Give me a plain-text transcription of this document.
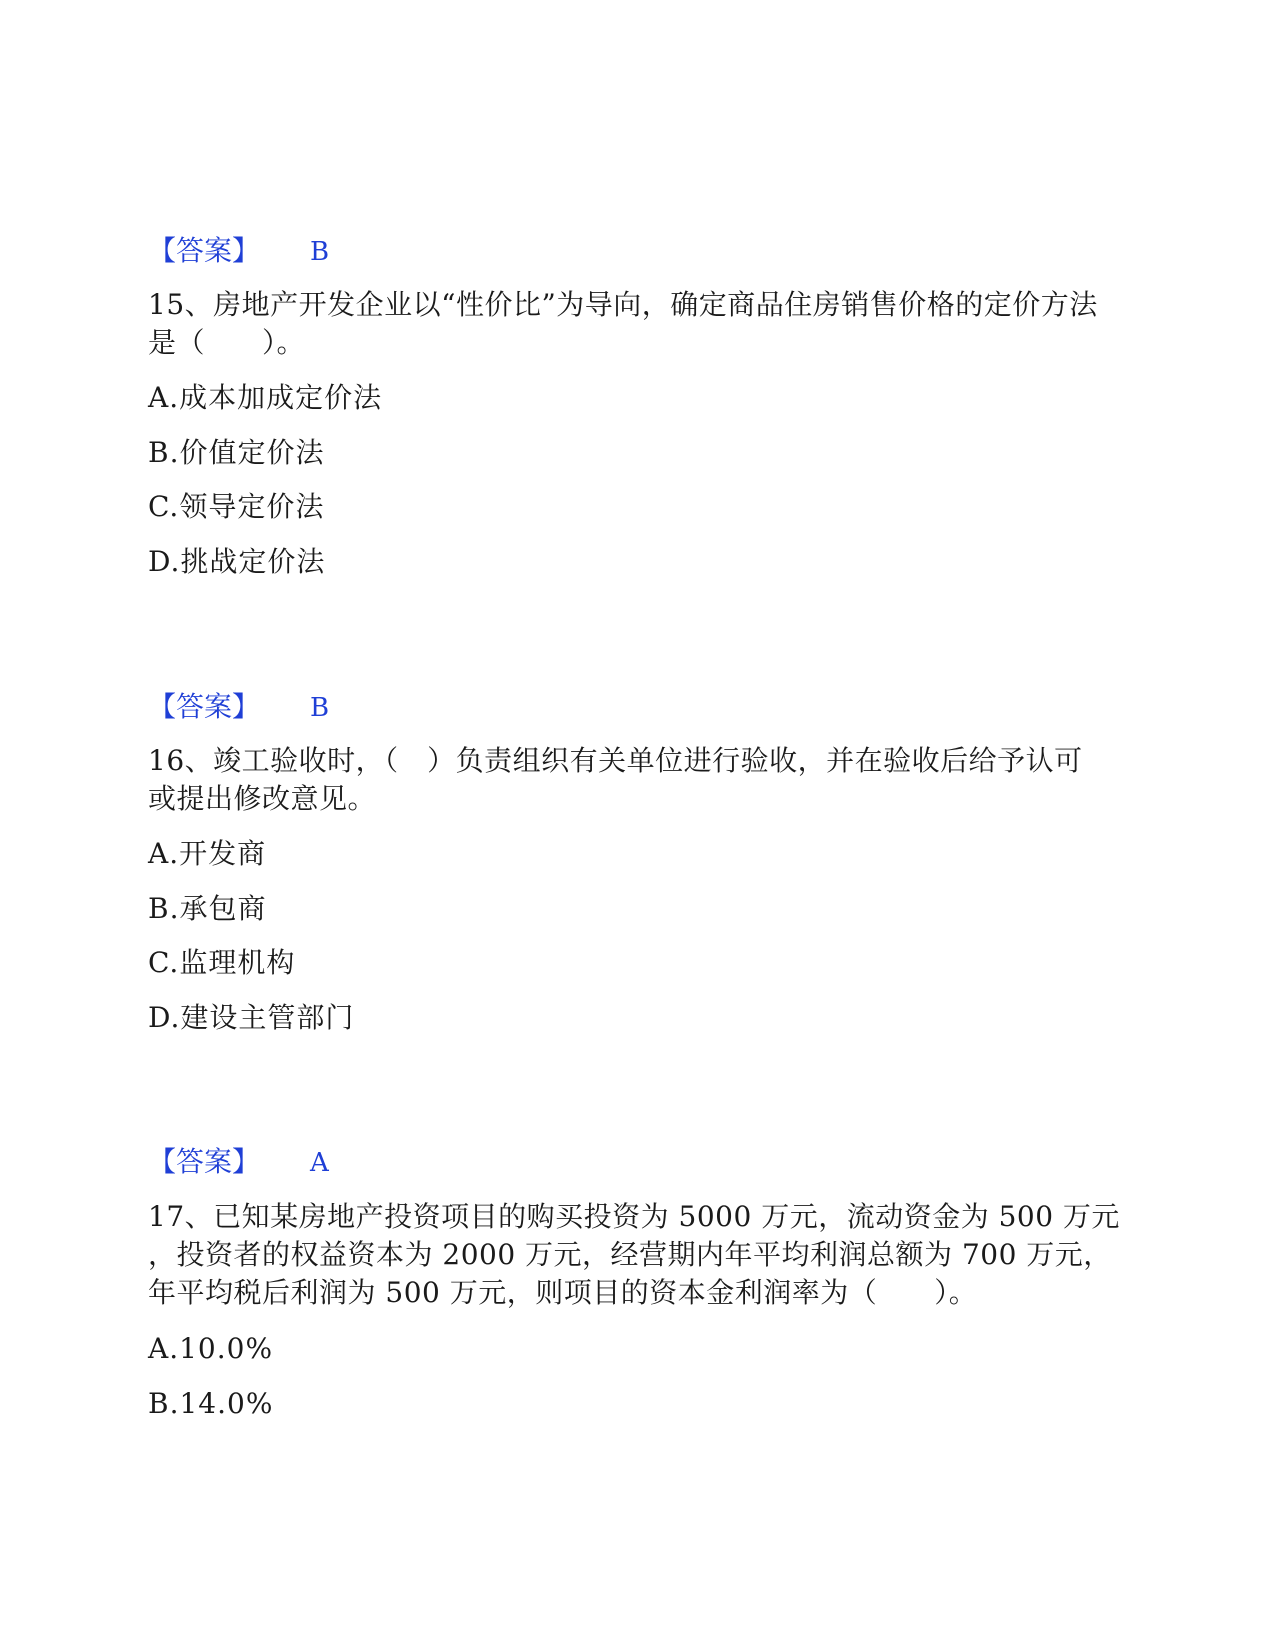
【答案】 B
15、房地产开发企业以“性价比”为导向，确定商品住房销售价格的定价方法
是（　　）。
A.成本加成定价法
B.价值定价法
C.领导定价法
D.挑战定价法
【答案】 B
16、竣工验收时，（　）负责组织有关单位进行验收，并在验收后给予认可
或提出修改意见。
A.开发商
B.承包商
C.监理机构
D.建设主管部门
【答案】 A
17、已知某房地产投资项目的购买投资为 5000 万元，流动资金为 500 万元
，投资者的权益资本为 2000 万元，经营期内年平均利润总额为 700 万元，
年平均税后利润为 500 万元，则项目的资本金利润率为（　　）。
A.10.0%
B.14.0%
